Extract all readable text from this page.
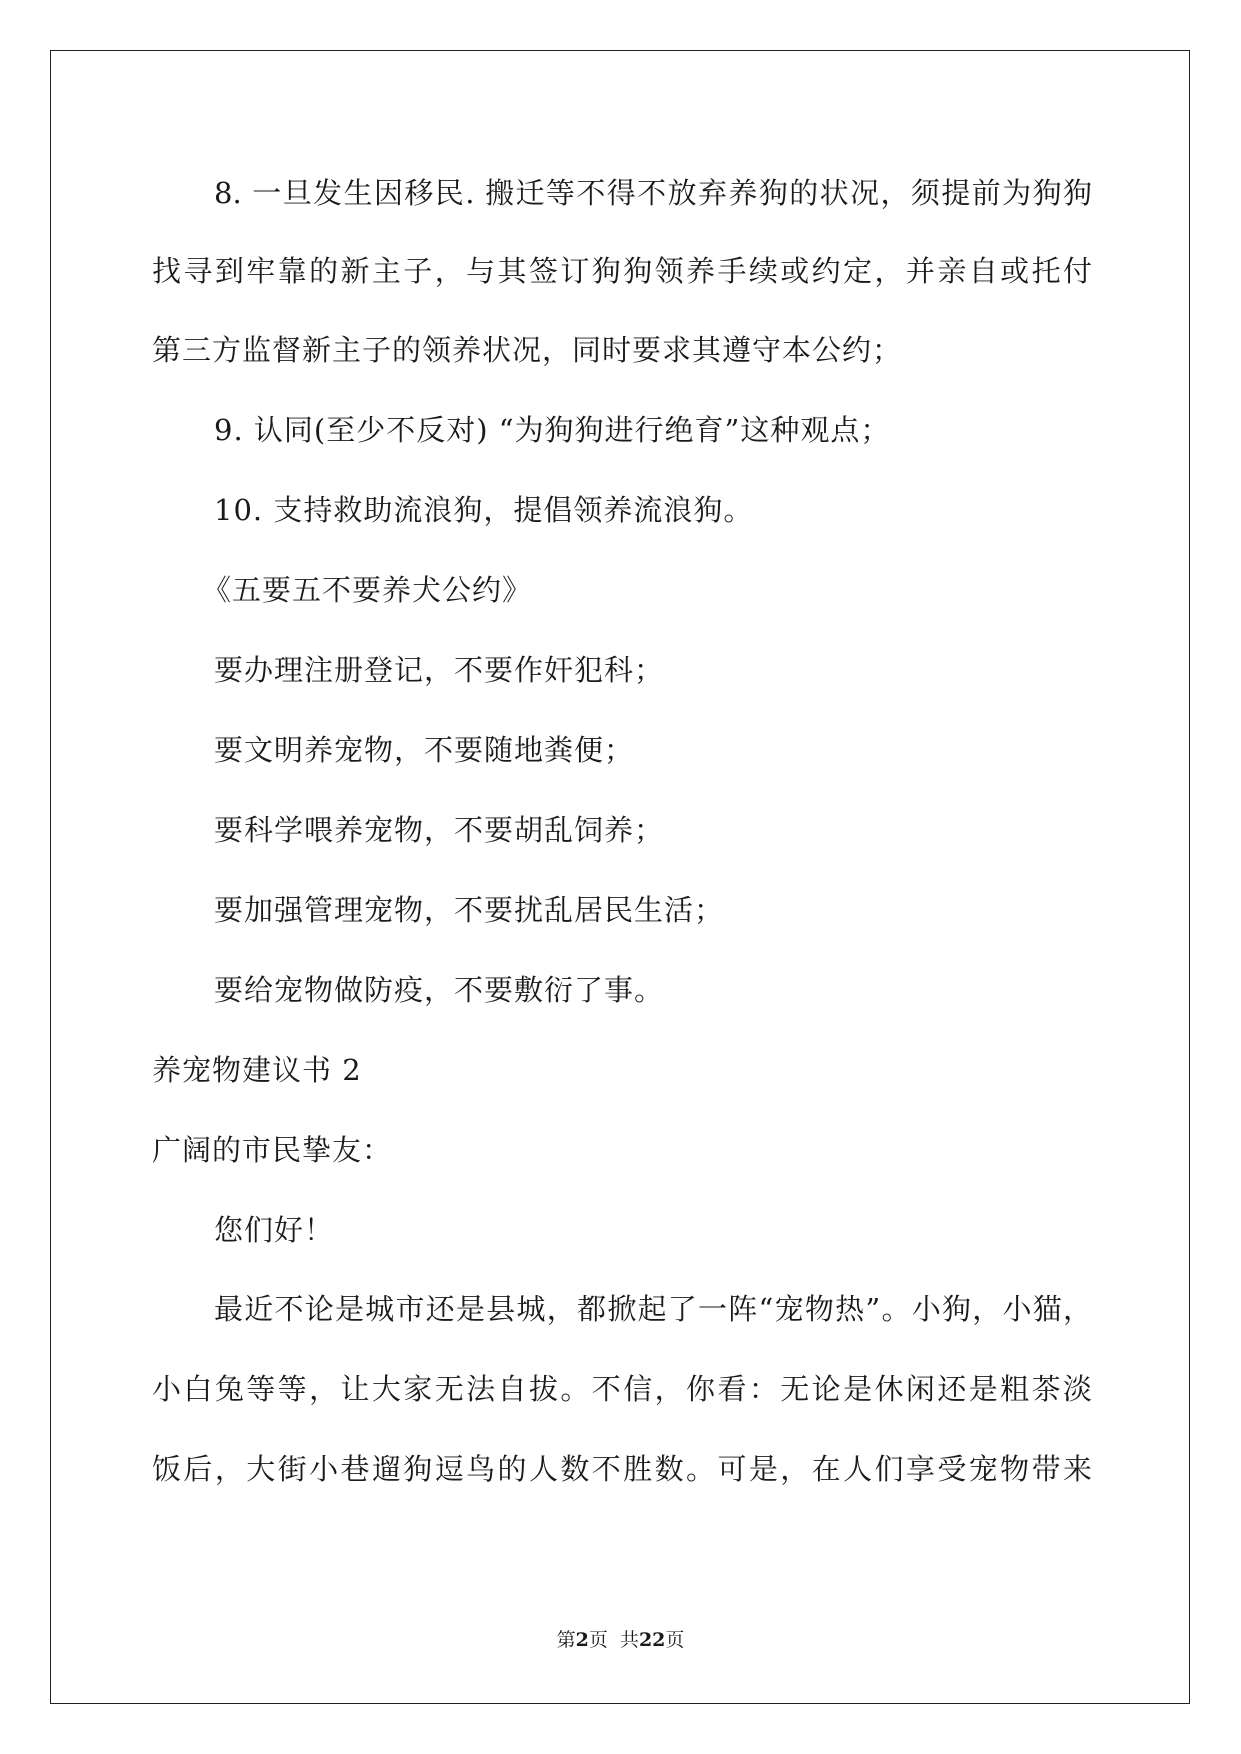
8. 一旦发生因移民. 搬迁等不得不放弃养狗的状况，须提前为狗狗
找寻到牢靠的新主子，与其签订狗狗领养手续或约定，并亲自或托付
第三方监督新主子的领养状况，同时要求其遵守本公约；
9. 认同(至少不反对) “为狗狗进行绝育”这种观点；
10. 支持救助流浪狗，提倡领养流浪狗。
《五要五不要养犬公约》
要办理注册登记，不要作奸犯科；
要文明养宠物，不要随地粪便；
要科学喂养宠物，不要胡乱饲养；
要加强管理宠物，不要扰乱居民生活；
要给宠物做防疫，不要敷衍了事。
养宠物建议书 2
广阔的市民挚友：
您们好！
最近不论是城市还是县城，都掀起了一阵“宠物热”。小狗，小猫，
小白兔等等，让大家无法自拔。不信，你看：无论是休闲还是粗茶淡
饭后，大街小巷遛狗逗鸟的人数不胜数。可是，在人们享受宠物带来
第2页  共22页
